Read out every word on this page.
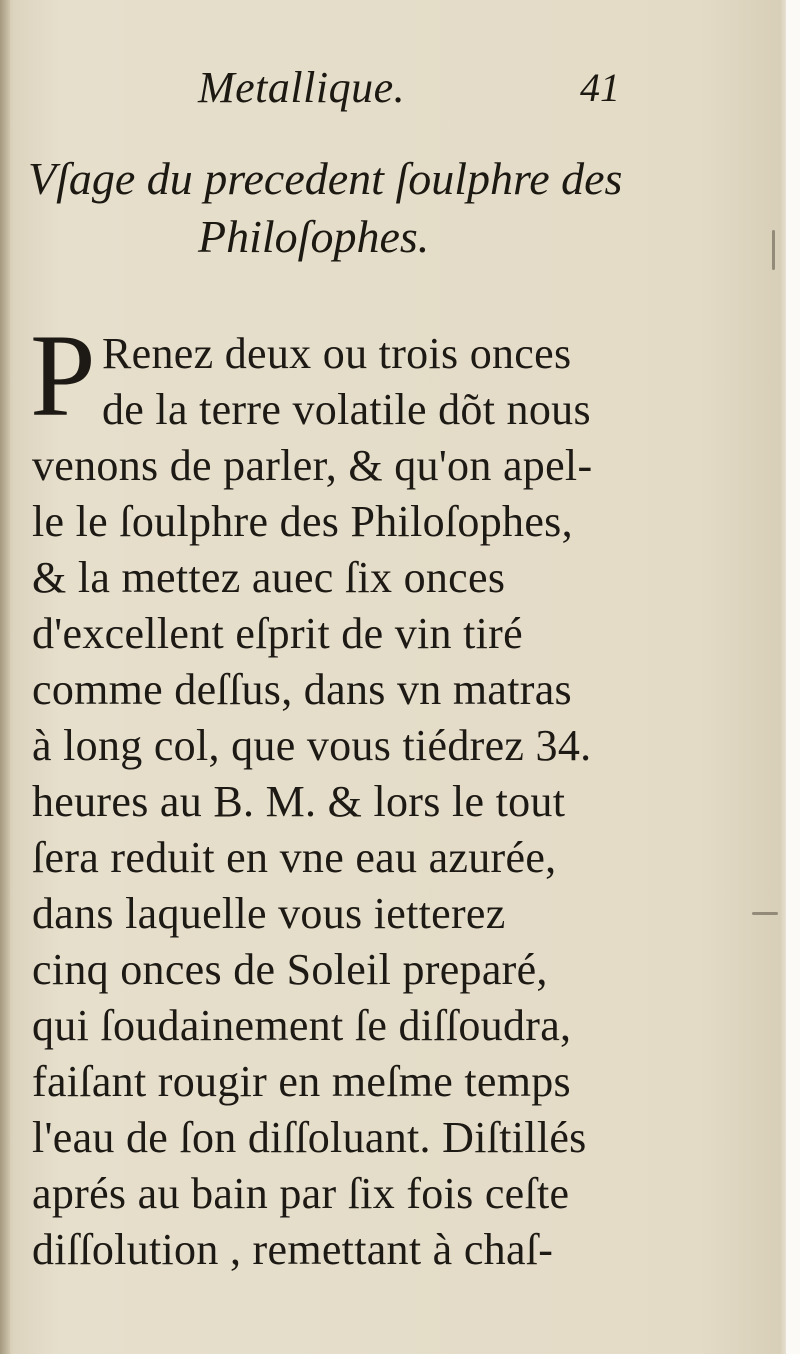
Metallique.	41
Vſage du precedent ſoulphre des
Philoſophes.
P Renez deux ou trois onces
de la terre volatile dõt nous
venons de parler, & qu'on apel-
le le ſoulphre des Philoſophes,
& la mettez auec ſix onces
d'excellent eſprit de vin tiré
comme deſſus, dans vn matras
à long col, que vous tiédrez 34.
heures au B. M. & lors le tout
ſera reduit en vne eau azurée,
dans laquelle vous ietterez
cinq onces de Soleil preparé,
qui ſoudainement ſe diſſoudra,
faiſant rougir en meſme temps
l'eau de ſon diſſoluant. Diſtillés
aprés au bain par ſix fois ceſte
diſſolution , remettant à chaſ-
